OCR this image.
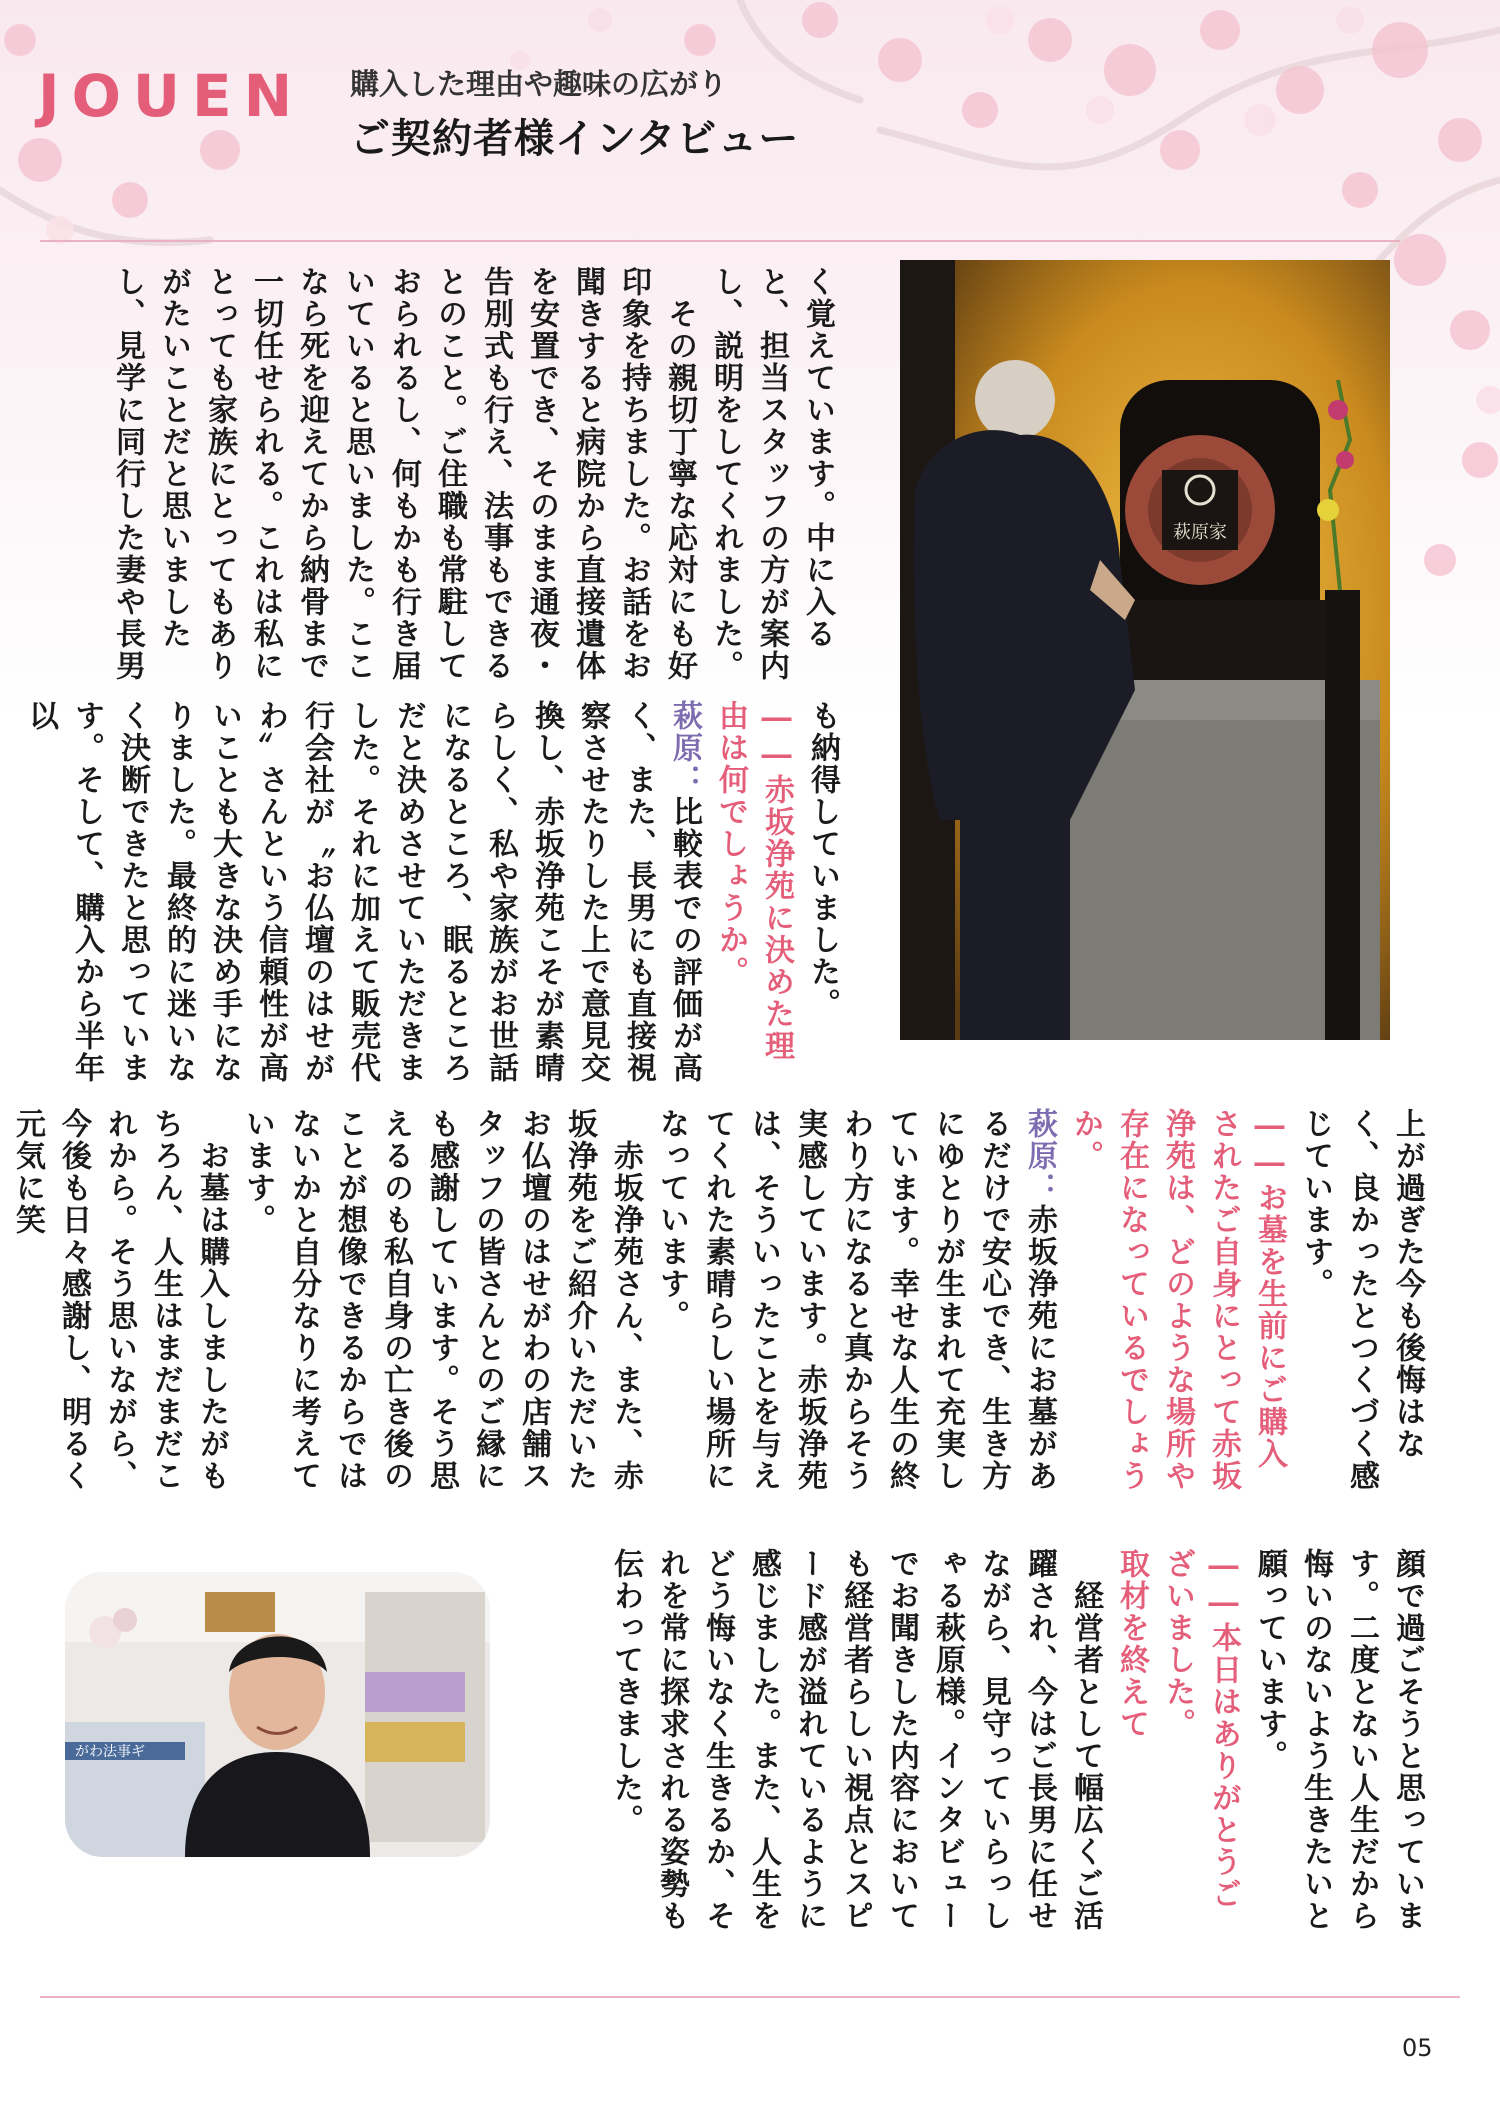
JOUEN 購入した理由や趣味の広がり
ご契約者様インタビュー
萩原家
く覚えています。中に入ると、担当スタッフの方が案内し、説明をしてくれました。
　その親切丁寧な応対にも好印象を持ちました。お話をお聞きすると病院から直接遺体を安置でき、そのまま通夜・告別式も行え、法事もできるとのこと。ご住職も常駐しておられるし、何もかも行き届いていると思いました。ここなら死を迎えてから納骨まで一切任せられる。これは私にとっても家族にとってもありがたいことだと思いましたし、見学に同行した妻や長男
も納得していました。
――赤坂浄苑に決めた理由は何でしょうか。
萩原：比較表での評価が高く、また、長男にも直接視察させたりした上で意見交換し、赤坂浄苑こそが素晴らしく、私や家族がお世話になるところ、眠るところだと決めさせていただきました。それに加えて販売代行会社が〝お仏壇のはせがわ〟さんという信頼性が高いことも大きな決め手になりました。最終的に迷いなく決断できたと思っています。そして、購入から半年以
上が過ぎた今も後悔はなく、良かったとつくづく感じています。
――お墓を生前にご購入されたご自身にとって赤坂浄苑は、どのような場所や存在になっているでしょうか。
萩原：赤坂浄苑にお墓があるだけで安心でき、生き方にゆとりが生まれて充実しています。幸せな人生の終わり方になると真からそう実感しています。赤坂浄苑は、そういったことを与えてくれた素晴らしい場所になっています。
　赤坂浄苑さん、また、赤坂浄苑をご紹介いただいたお仏壇のはせがわの店舗スタッフの皆さんとのご縁にも感謝しています。そう思えるのも私自身の亡き後のことが想像できるからではないかと自分なりに考えています。
　お墓は購入しましたがもちろん、人生はまだまだこれから。そう思いながら、今後も日々感謝し、明るく元気に笑
顔で過ごそうと思っています。二度とない人生だから悔いのないよう生きたいと願っています。
――本日はありがとうございました。
取材を終えて
　経営者として幅広くご活躍され、今はご長男に任せながら、見守っていらっしゃる萩原様。インタビューでお聞きした内容においても経営者らしい視点とスピード感が溢れているように感じました。また、人生をどう悔いなく生きるか、それを常に探求される姿勢も伝わってきました。
がわ法事ギ
05
